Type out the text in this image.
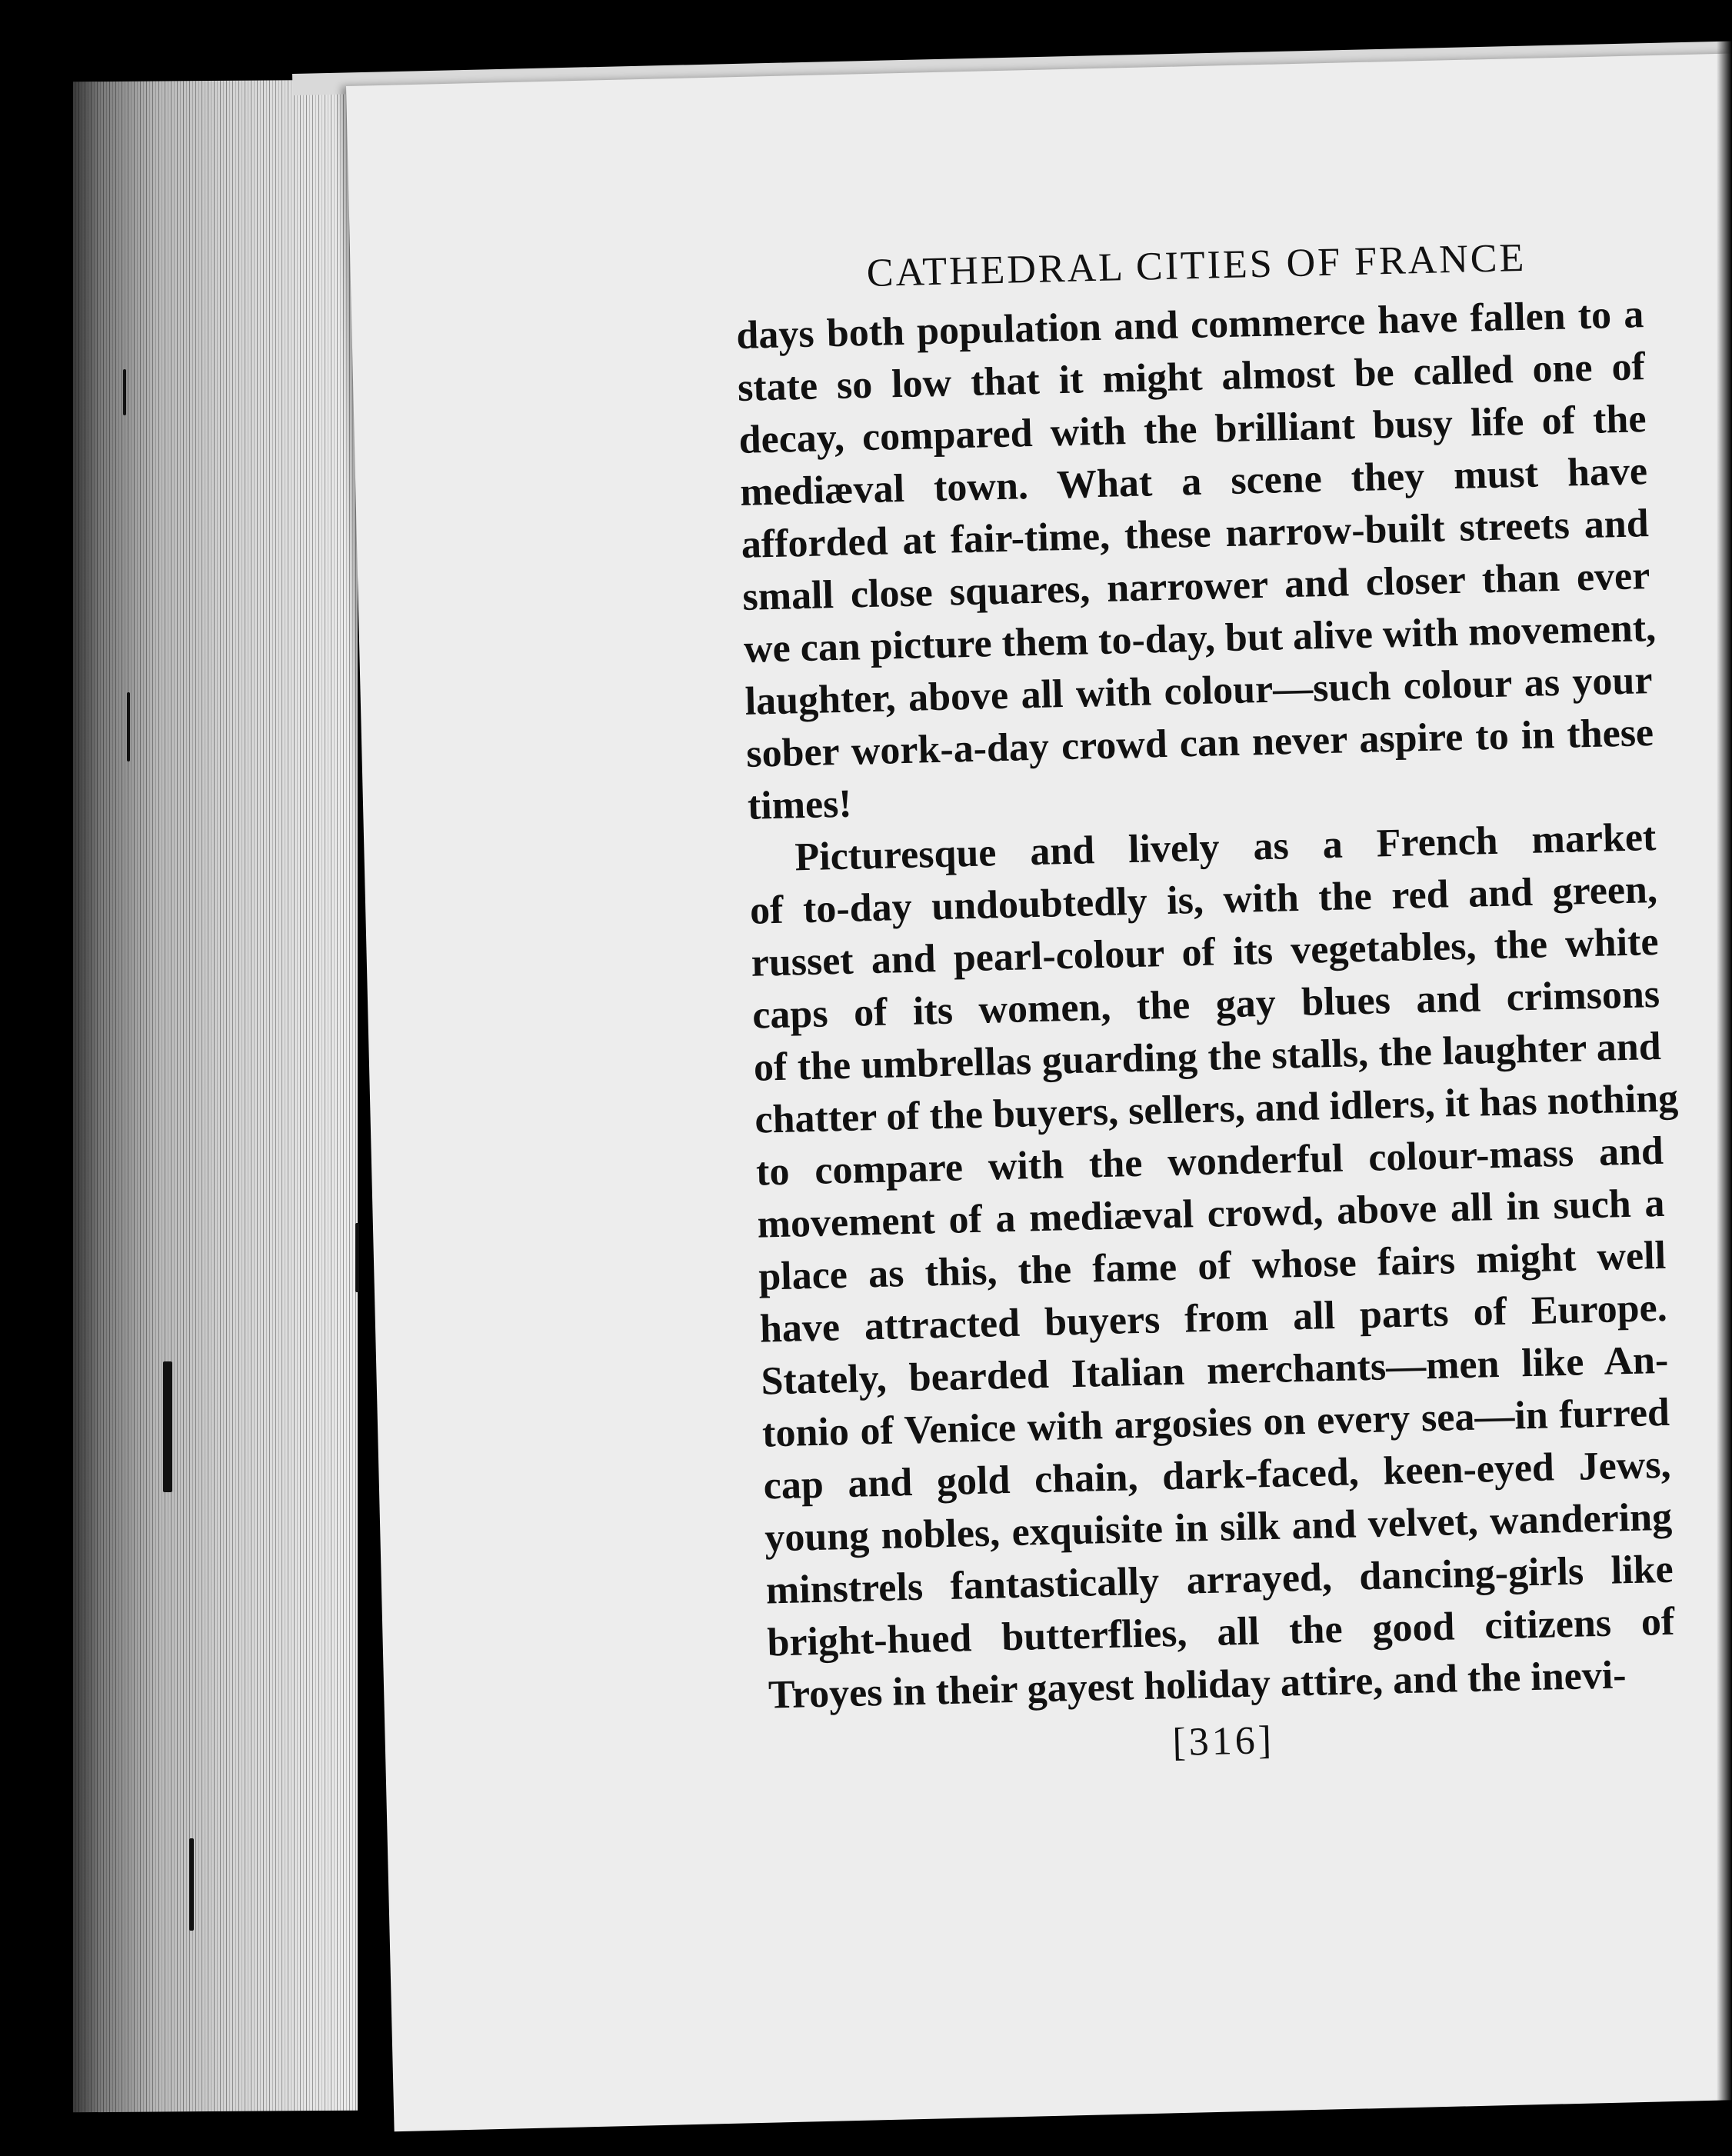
CATHEDRAL CITIES OF FRANCE
days both population and commerce have fallen to a
state so low that it might almost be called one of
decay, compared with the brilliant busy life of the
mediæval town. What a scene they must have
afforded at fair-time, these narrow-built streets and
small close squares, narrower and closer than ever
we can picture them to-day, but alive with movement,
laughter, above all with colour—such colour as your
sober work-a-day crowd can never aspire to in these
times!
Picturesque and lively as a French market
of to-day undoubtedly is, with the red and green,
russet and pearl-colour of its vegetables, the white
caps of its women, the gay blues and crimsons
of the umbrellas guarding the stalls, the laughter and
chatter of the buyers, sellers, and idlers, it has nothing
to compare with the wonderful colour-mass and
movement of a mediæval crowd, above all in such a
place as this, the fame of whose fairs might well
have attracted buyers from all parts of Europe.
Stately, bearded Italian merchants—men like An-
tonio of Venice with argosies on every sea—in furred
cap and gold chain, dark-faced, keen-eyed Jews,
young nobles, exquisite in silk and velvet, wandering
minstrels fantastically arrayed, dancing-girls like
bright-hued butterflies, all the good citizens of
Troyes in their gayest holiday attire, and the inevi-
[316]
